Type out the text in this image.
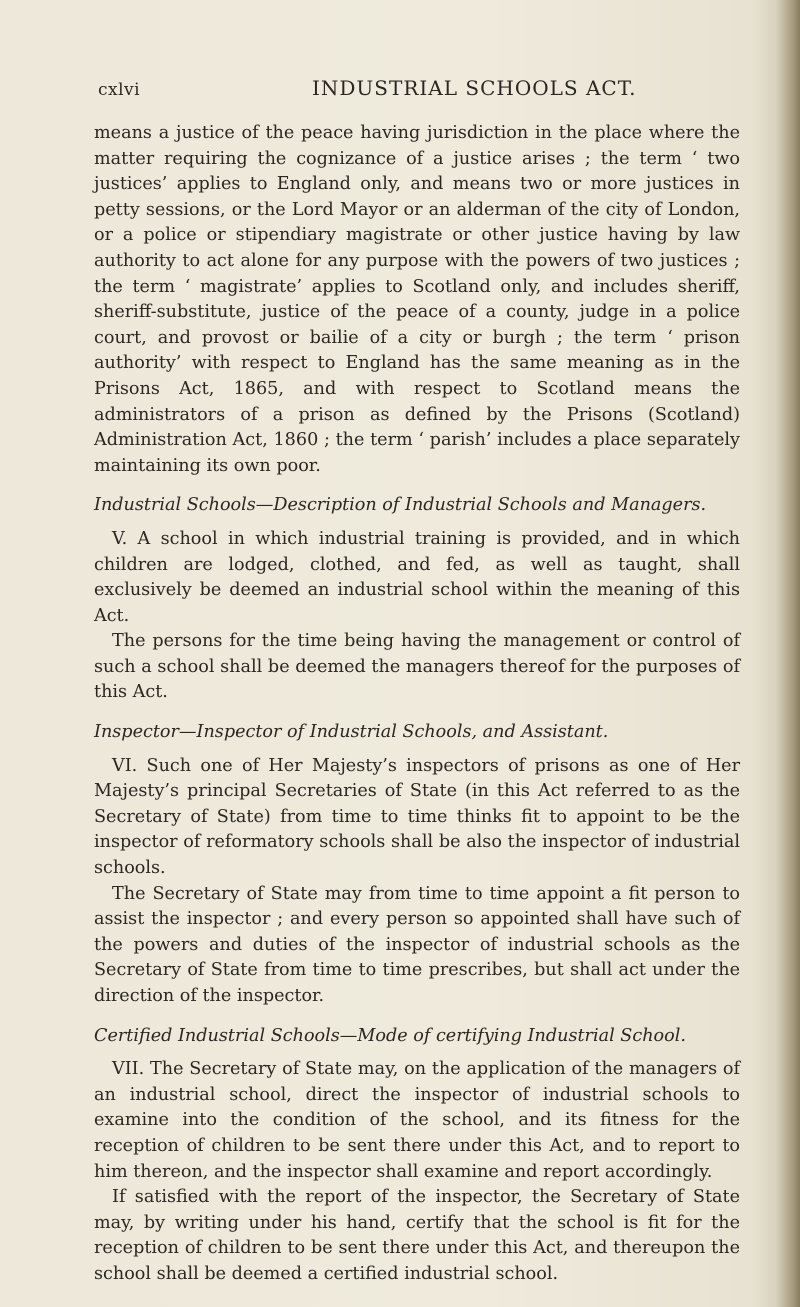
cxlvi	INDUSTRIAL SCHOOLS ACT.

means a justice of the peace having jurisdiction in the place where the matter requiring the cognizance of a justice arises ; the term ‘ two justices’ applies to England only, and means two or more justices in petty sessions, or the Lord Mayor or an alderman of the city of London, or a police or stipendiary magistrate or other justice having by law authority to act alone for any purpose with the powers of two justices ; the term ‘ magistrate’ applies to Scotland only, and includes sheriff, sheriff-substitute, justice of the peace of a county, judge in a police court, and provost or bailie of a city or burgh ; the term ‘ prison authority’ with respect to England has the same meaning as in the Prisons Act, 1865, and with respect to Scotland means the administrators of a prison as defined by the Prisons (Scotland) Administration Act, 1860 ; the term ‘ parish’ includes a place separately maintaining its own poor.

Industrial Schools—Description of Industrial Schools and Managers.

V. A school in which industrial training is provided, and in which children are lodged, clothed, and fed, as well as taught, shall exclusively be deemed an industrial school within the meaning of this Act.

The persons for the time being having the management or control of such a school shall be deemed the managers thereof for the purposes of this Act.

Inspector—Inspector of Industrial Schools, and Assistant.

VI. Such one of Her Majesty’s inspectors of prisons as one of Her Majesty’s principal Secretaries of State (in this Act referred to as the Secretary of State) from time to time thinks fit to appoint to be the inspector of reformatory schools shall be also the inspector of industrial schools.

The Secretary of State may from time to time appoint a fit person to assist the inspector ; and every person so appointed shall have such of the powers and duties of the inspector of industrial schools as the Secretary of State from time to time prescribes, but shall act under the direction of the inspector.

Certified Industrial Schools—Mode of certifying Industrial School.

VII. The Secretary of State may, on the application of the managers of an industrial school, direct the inspector of industrial schools to examine into the condition of the school, and its fitness for the reception of children to be sent there under this Act, and to report to him thereon, and the inspector shall examine and report accordingly.

If satisfied with the report of the inspector, the Secretary of State may, by writing under his hand, certify that the school is fit for the reception of children to be sent there under this Act, and thereupon the school shall be deemed a certified industrial school.
